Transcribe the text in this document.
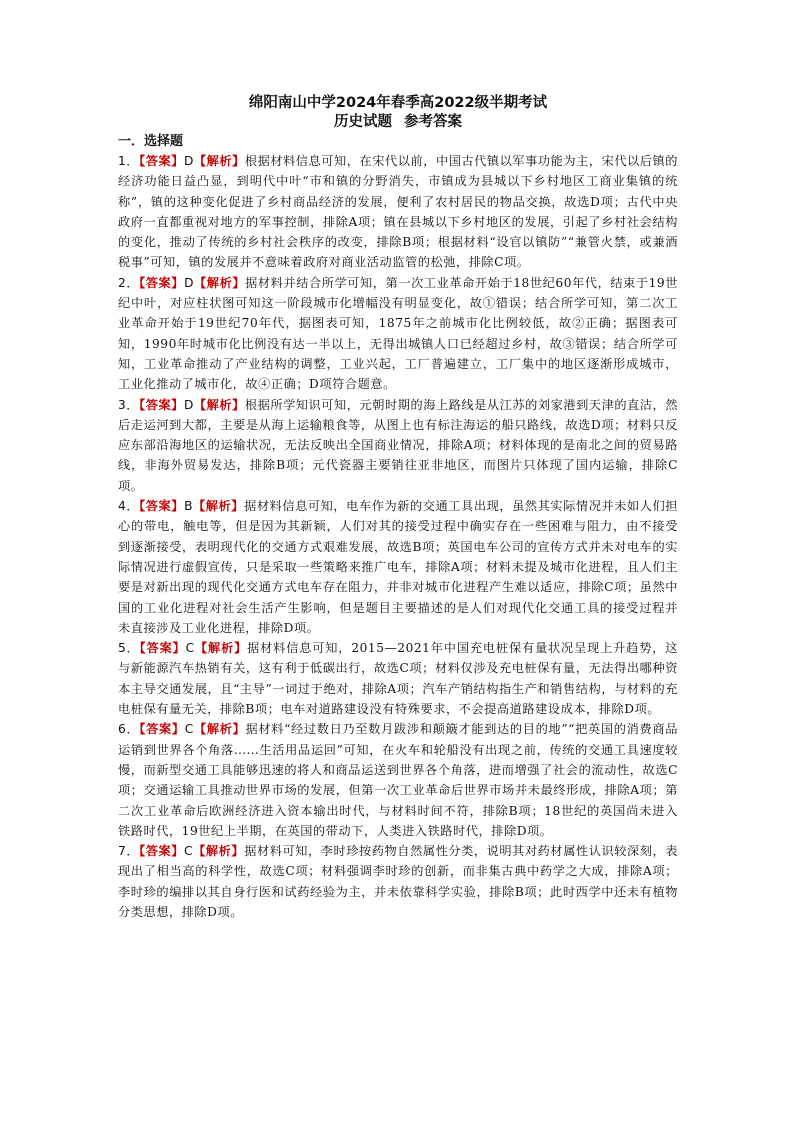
绵阳南山中学2024年春季高2022级半期考试

历史试题 参考答案

一．选择题

1．【答案】D【解析】根据材料信息可知，在宋代以前，中国古代镇以军事功能为主，宋代以后镇的经济功能日益凸显，到明代中叶“市和镇的分野消失，市镇成为县城以下乡村地区工商业集镇的统称”，镇的这种变化促进了乡村商品经济的发展，便利了农村居民的物品交换，故选D项；古代中央政府一直都重视对地方的军事控制，排除A项；镇在县城以下乡村地区的发展，引起了乡村社会结构的变化，推动了传统的乡村社会秩序的改变，排除B项；根据材料“设官以镇防”“兼管火禁，或兼酒税事”可知，镇的发展并不意味着政府对商业活动监管的松弛，排除C项。

2．【答案】D【解析】据材料并结合所学可知，第一次工业革命开始于18世纪60年代，结束于19世纪中叶，对应柱状图可知这一阶段城市化增幅没有明显变化，故①错误；结合所学可知，第二次工业革命开始于19世纪70年代，据图表可知，1875年之前城市化比例较低，故②正确；据图表可知，1990年时城市化比例没有达一半以上，无得出城镇人口已经超过乡村，故③错误；结合所学可知，工业革命推动了产业结构的调整，工业兴起，工厂普遍建立，工厂集中的地区逐渐形成城市，工业化推动了城市化，故④正确；D项符合题意。

3．【答案】D【解析】根据所学知识可知，元朝时期的海上路线是从江苏的刘家港到天津的直沽，然后走运河到大都，主要是从海上运输粮食等，从图上也有标注海运的船只路线，故选D项；材料只反应东部沿海地区的运输状况，无法反映出全国商业情况，排除A项；材料体现的是南北之间的贸易路线，非海外贸易发达，排除B项；元代瓷器主要销往亚非地区，而图片只体现了国内运输，排除C项。

4．【答案】B【解析】据材料信息可知，电车作为新的交通工具出现，虽然其实际情况并未如人们担心的带电，触电等，但是因为其新颖，人们对其的接受过程中确实存在一些困难与阻力，由不接受到逐渐接受，表明现代化的交通方式艰难发展，故选B项；英国电车公司的宣传方式并未对电车的实际情况进行虚假宣传，只是采取一些策略来推广电车，排除A项；材料未提及城市化进程，且人们主要是对新出现的现代化交通方式电车存在阻力，并非对城市化进程产生难以适应，排除C项；虽然中国的工业化进程对社会生活产生影响，但是题目主要描述的是人们对现代化交通工具的接受过程并未直接涉及工业化进程，排除D项。

5．【答案】C【解析】据材料信息可知，2015—2021年中国充电桩保有量状况呈现上升趋势，这与新能源汽车热销有关，这有利于低碳出行，故选C项；材料仅涉及充电桩保有量，无法得出哪种资本主导交通发展，且“主导”一词过于绝对，排除A项；汽车产销结构指生产和销售结构，与材料的充电桩保有量无关，排除B项；电车对道路建设没有特殊要求，不会提高道路建设成本，排除D项。

6．【答案】C【解析】据材料“经过数日乃至数月跋涉和颠簸才能到达的目的地”“把英国的消费商品运销到世界各个角落……生活用品运回”可知，在火车和轮船没有出现之前，传统的交通工具速度较慢，而新型交通工具能够迅速的将人和商品运送到世界各个角落，进而增强了社会的流动性，故选C项；交通运输工具推动世界市场的发展，但第一次工业革命后世界市场并未最终形成，排除A项；第二次工业革命后欧洲经济进入资本输出时代，与材料时间不符，排除B项；18世纪的英国尚未进入铁路时代，19世纪上半期，在英国的带动下，人类进入铁路时代，排除D项。

7．【答案】C【解析】据材料可知，李时珍按药物自然属性分类，说明其对药材属性认识较深刻，表现出了相当高的科学性，故选C项；材料强调李时珍的创新，而非集古典中药学之大成，排除A项；李时珍的编排以其自身行医和试药经验为主，并未依靠科学实验，排除B项；此时西学中还未有植物分类思想，排除D项。
